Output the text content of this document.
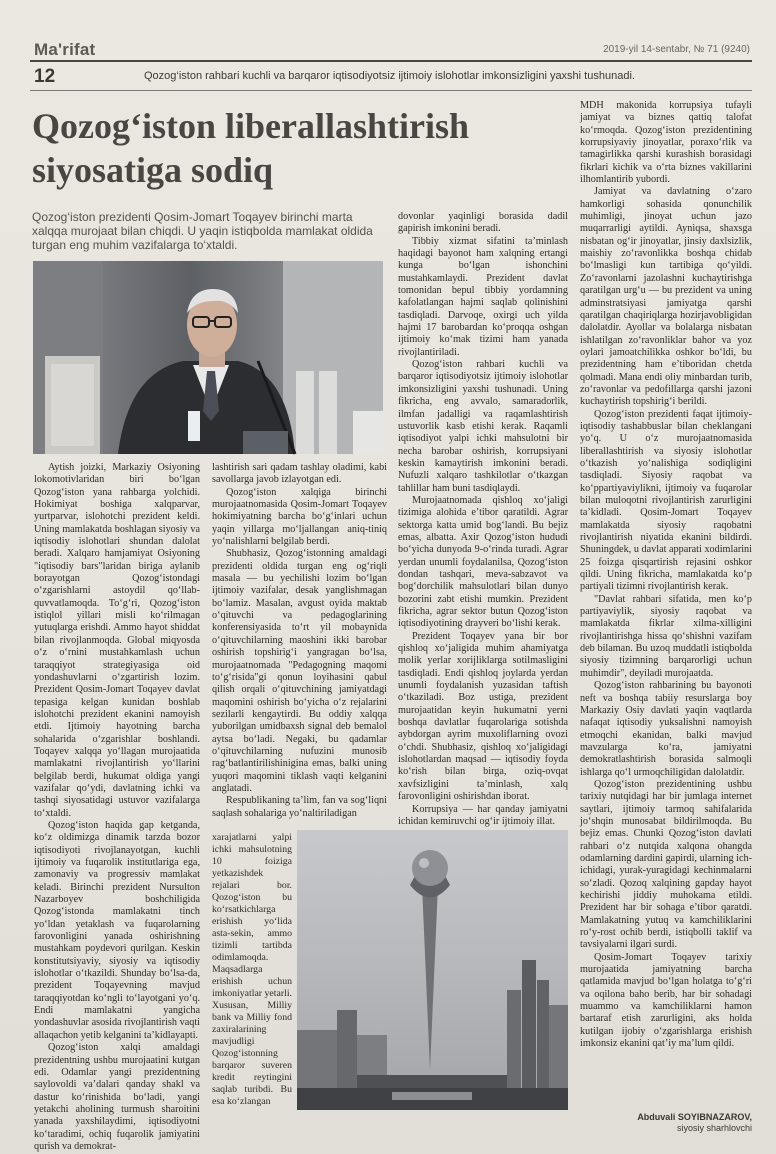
Ma'rifat	2019-yil 14-sentabr, № 71 (9240)
12	Qozog‘iston rahbari kuchli va barqaror iqtisodiyotsiz ijtimoiy islohotlar imkonsizligini yaxshi tushunadi.
Qozog‘iston liberallashtirish siyosatiga sodiq
Qozog‘iston prezidenti Qosim-Jomart Toqayev birinchi marta xalqqa murojaat bilan chiqdi. U yaqin istiqbolda mamlakat oldida turgan eng muhim vazifalarga to‘xtaldi.

Aytish joizki, Markaziy Osiyoning lokomotivlaridan biri bo‘lgan Qozog‘iston yana rahbarga yolchidi. Hokimiyat boshiga xalqparvar, yurtparvar, islohotchi prezident keldi. Uning mamlakatda boshlagan siyosiy va iqtisodiy islohotlari shundan dalolat beradi. Xalqaro hamjamiyat Osiyoning "iqtisodiy bars"laridan biriga aylanib borayotgan Qozog‘istondagi o‘zgarishlarni astoydil qo‘llab-quvvatlamoqda. To‘g‘ri, Qozog‘iston istiqlol yillari misli ko‘rilmagan yutuqlarga erishdi. Ammo hayot shiddat bilan rivojlanmoqda. Global miqyosda o‘z o‘rnini mustahkamlash uchun taraqqiyot strategiyasiga oid yondashuvlarni o‘zgartirish lozim. Prezident Qosim-Jomart Toqayev davlat tepasiga kelgan kunidan boshlab islohotchi prezident ekanini namoyish etdi. Ijtimoiy hayotning barcha sohalarida o‘zgarishlar boshlandi. Toqayev xalqqa yo‘llagan murojaatida mamlakatni rivojlantirish yo‘llarini belgilab berdi, hukumat oldiga yangi vazifalar qo‘ydi, davlatning ichki va tashqi siyosatidagi ustuvor vazifalarga to‘xtaldi.

Qozog‘iston haqida gap ketganda, ko‘z oldimizga dinamik tarzda bozor iqtisodiyoti rivojlanayotgan, kuchli ijtimoiy va fuqarolik institutlariga ega, zamonaviy va progressiv mamlakat keladi. Birinchi prezident Nursulton Nazarboyev boshchiligida Qozog‘istonda mamlakatni tinch yo‘ldan yetaklash va fuqarolarning farovonligini yanada oshirishning mustahkam poydevori qurilgan. Keskin konstitutsiyaviy, siyosiy va iqtisodiy islohotlar o‘tkazildi. Shunday bo‘lsa-da, prezident Toqayevning mavjud taraqqiyotdan ko‘ngli to‘layotgani yo‘q. Endi mamlakatni yangicha yondashuvlar asosida rivojlantirish vaqti allaqachon yetib kelganini ta’kidlayapti.

Qozog‘iston xalqi amaldagi prezidentning ushbu murojaatini kutgan edi. Odamlar yangi prezidentning saylovoldi va’dalari qanday shakl va dastur ko‘rinishida bo‘ladi, yangi yetakchi aholining turmush sharoitini yanada yaxshilaydimi, iqtisodiyotni ko‘taradimi, ochiq fuqarolik jamiyatini qurish va demokrat-

lashtirish sari qadam tashlay oladimi, kabi savollarga javob izlayotgan edi.

Qozog‘iston xalqiga birinchi murojaatnomasida Qosim-Jomart Toqayev hokimiyatning barcha bo‘g‘inlari uchun yaqin yillarga mo‘ljallangan aniq-tiniq yo‘nalishlarni belgilab berdi.

Shubhasiz, Qozog‘istonning amaldagi prezidenti oldida turgan eng og‘riqli masala — bu yechilishi lozim bo‘lgan ijtimoiy vazifalar, desak yanglishmagan bo‘lamiz. Masalan, avgust oyida maktab o‘qituvchi va pedagoglarining konferensiyasida to‘rt yil mobaynida o‘qituvchilarning maoshini ikki barobar oshirish topshirig‘i yangragan bo‘lsa, murojaatnomada "Pedagogning maqomi to‘g‘risida"gi qonun loyihasini qabul qilish orqali o‘qituvchining jamiyatdagi maqomini oshirish bo‘yicha o‘z rejalarini sezilarli kengaytirdi. Bu oddiy xalqqa yuborilgan umidbaxsh signal deb bemalol aytsa bo‘ladi. Negaki, bu qadamlar o‘qituvchilarning nufuzini munosib rag‘batlantirilishinigina emas, balki uning yuqori maqomini tiklash vaqti kelganini anglatadi.

Respublikaning ta’lim, fan va sog‘liqni saqlash sohalariga yo‘naltiriladigan

xarajatlarni yalpi ichki mahsulotning 10 foizigа yetkazishdek rejalari bor. Qozog‘iston bu ko‘rsatkichlarga erishish yo‘lida asta-sekin, ammo tizimli tartibda odimlamoqda. Maqsadlarga erishish uchun imkoniyatlar yetarli. Xususan, Milliy bank va Milliy fond zaxiralarining mavjudligi Qozog‘istonning barqaror suveren kredit reytingini saqlab turibdi. Bu esa ko‘zlangan

dovonlar yaqinligi borasida dadil gapirish imkonini beradi.

Tibbiy xizmat sifatini ta’minlash haqidagi bayonot ham xalqning ertangi kunga bo‘lgan ishonchini mustahkamlaydi. Prezident davlat tomonidan bepul tibbiy yordamning kafolatlangan hajmi saqlab qolinishini tasdiqladi. Darvoqe, oxirgi uch yilda hajmi 17 barobardan ko‘proqqa oshgan ijtimoiy ko‘mak tizimi ham yanada rivojlantiriladi.

Qozog‘iston rahbari kuchli va barqaror iqtisodiyotsiz ijtimoiy islohotlar imkonsizligini yaxshi tushunadi. Uning fikricha, eng avvalo, samaradorlik, ilmfan jadalligi va raqamlashtirish ustuvorlik kasb etishi kerak. Raqamli iqtisodiyot yalpi ichki mahsulotni bir necha barobar oshirish, korrupsiyani keskin kamaytirish imkonini beradi. Nufuzli xalqaro tashkilotlar o‘tkazgan tahlillar ham buni tasdiqlaydi.

Murojaatnomada qishloq xo‘jaligi tizimiga alohida e’tibor qaratildi. Agrar sektorga katta umid bog‘landi. Bu bejiz emas, albatta. Axir Qozog‘iston hududi bo‘yicha dunyoda 9-o‘rinda turadi. Agrar yerdan unumli foydalanilsa, Qozog‘iston dondan tashqari, meva-sabzavot va bog‘dorchilik mahsulotlari bilan dunyo bozorini zabt etishi mumkin. Prezident fikricha, agrar sektor butun Qozog‘iston iqtisodiyotining drayveri bo‘lishi kerak.

Prezident Toqayev yana bir bor qishloq xo‘jaligida muhim ahamiyatga molik yerlar xorijliklarga sotilmasligini tasdiqladi. Endi qishloq joylarda yerdan unumli foydalanish yuzasidan taftish o‘tkaziladi. Boz ustiga, prezident murojaatidan keyin hukumatni yerni boshqa davlatlar fuqarolariga sotishda aybdorgan ayrim muxoliflarning ovozi o‘chdi. Shubhasiz, qishloq xo‘jaligidagi islohotlardan maqsad — iqtisodiy foyda ko‘rish bilan birga, oziq-ovqat xavfsizligini ta’minlash, xalq farovonligini oshirishdan iborat.

Korrupsiya — har qanday jamiyatni ichidan kemiruvchi og‘ir ijtimoiy illat.

MDH makonida korrupsiya tufayli jamiyat va biznes qattiq talofat ko‘rmoqda. Qozog‘iston prezidentining korrupsiyaviy jinoyatlar, poraxo‘rlik va tamagirlikka qarshi kurashish borasidagi fikrlari kichik va o‘rta biznes vakillarini ilhomlantirib yubordi.

Jamiyat va davlatning o‘zaro hamkorligi sohasida qonunchilik muhimligi, jinoyat uchun jazo muqarrarligi aytildi. Ayniqsa, shaxsga nisbatan og‘ir jinoyatlar, jinsiy daxlsizlik, maishiy zo‘ravonlikka boshqa chidab bo‘lmasligi kun tartibiga qo‘yildi. Zo‘ravonlarni jazolashni kuchaytirishga qaratilgan urg‘u — bu prezident va uning adminstratsiyasi jamiyatga qarshi qaratilgan chaqiriqlarga hozirjavobligidan dalolatdir. Ayollar va bolalarga nisbatan ishlatilgan zo‘ravonliklar bahor va yoz oylari jamoatchilikka oshkor bo‘ldi, bu prezidentning ham e’tiboridan chetda qolmadi. Mana endi oliy minbardan turib, zo‘ravonlar va pedofillarga qarshi jazoni kuchaytirish topshirig‘i berildi.

Qozog‘iston prezidenti faqat ijtimoiy-iqtisodiy tashabbuslar bilan cheklangani yo‘q. U o‘z murojaatnomasida liberallashtirish va siyosiy islohotlar o‘tkazish yo‘nalishiga sodiqligini tasdiqladi. Siyosiy raqobat va ko‘ppartiyaviylikni, ijtimoiy va fuqarolar bilan muloqotni rivojlantirish zarurligini ta’kidladi. Qosim-Jomart Toqayev mamlakatda siyosiy raqobatni rivojlantirish niyatida ekanini bildirdi. Shuningdek, u davlat apparati xodimlarini 25 foizga qisqartirish rejasini oshkor qildi. Uning fikricha, mamlakatda ko‘p partiyali tizimni rivojlantirish kerak.

"Davlat rahbari sifatida, men ko‘p partiyaviylik, siyosiy raqobat va mamlakatda fikrlar xilma-xilligini rivojlantirishga hissa qo‘shishni vazifam deb bilaman. Bu uzoq muddatli istiqbolda siyosiy tizimning barqarorligi uchun muhimdir", deyiladi murojaatda.

Qozog‘iston rahbarining bu bayonoti neft va boshqa tabiiy resurslarga boy Markaziy Osiy davlati yaqin vaqtlarda nafaqat iqtisodiy yuksalishni namoyish etmoqchi ekanidan, balki mavjud mavzularga ko‘ra, jamiyatni demokratlashtirish borasida salmoqli ishlarga qo‘l urmoqchiligidan dalolatdir.

Qozog‘iston prezidentining ushbu tarixiy nutqidagi har bir jumlaga internet saytlari, ijtimoiy tarmoq sahifalarida jo‘shqin munosabat bildirilmoqda. Bu bejiz emas. Chunki Qozog‘iston davlati rahbari o‘z nutqida xalqona ohangda odamlarning dardini gapirdi, ularning ich-ichidagi, yurak-yuragidagi kechinmalarni so‘zladi. Qozoq xalqining gapday hayot kechirishi jiddiy muhokama etildi. Prezident har bir sohaga e’tibor qaratdi. Mamlakatning yutuq va kamchiliklarini ro‘y-rost ochib berdi, istiqbolli taklif va tavsiyalarni ilgari surdi.

Qosim-Jomart Toqayev tarixiy murojaatida jamiyatning barcha qatlamida mavjud bo‘lgan holatga to‘g‘ri va oqilona baho berib, har bir sohadagi muammo va kamchiliklarni hamon bartaraf etish zarurligini, aks holda kutilgan ijobiy o‘zgarishlarga erishish imkonsiz ekanini qat’iy ma’lum qildi.

Abduvali SOYIBNAZAROV,
siyosiy sharhlovchi
